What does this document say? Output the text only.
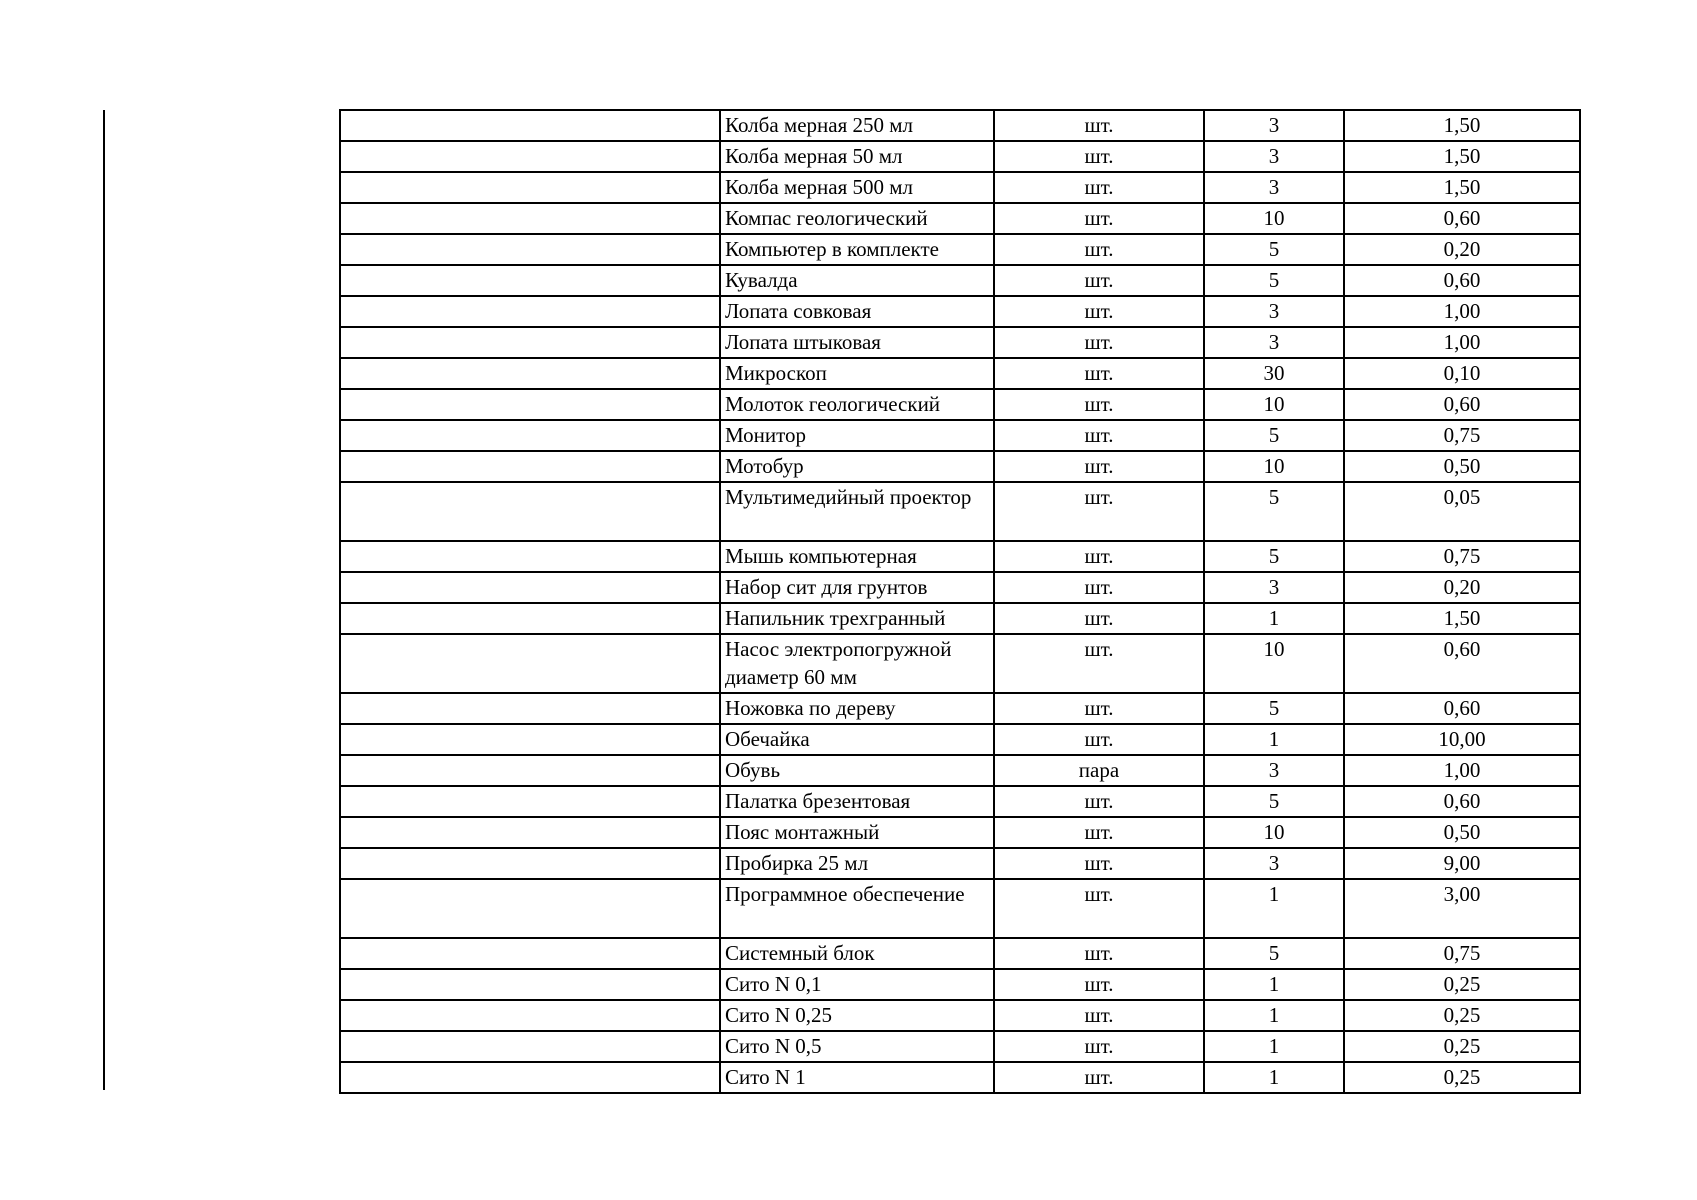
	Колба мерная 250 мл	шт.	3	1,50
	Колба мерная 50 мл	шт.	3	1,50
	Колба мерная 500 мл	шт.	3	1,50
	Компас геологический	шт.	10	0,60
	Компьютер в комплекте	шт.	5	0,20
	Кувалда	шт.	5	0,60
	Лопата совковая	шт.	3	1,00
	Лопата штыковая	шт.	3	1,00
	Микроскоп	шт.	30	0,10
	Молоток геологический	шт.	10	0,60
	Монитор	шт.	5	0,75
	Мотобур	шт.	10	0,50
	Мультимедийный проектор	шт.	5	0,05
	Мышь компьютерная	шт.	5	0,75
	Набор сит для грунтов	шт.	3	0,20
	Напильник трехгранный	шт.	1	1,50
	Насос электропогружной диаметр 60 мм	шт.	10	0,60
	Ножовка по дереву	шт.	5	0,60
	Обечайка	шт.	1	10,00
	Обувь	пара	3	1,00
	Палатка брезентовая	шт.	5	0,60
	Пояс монтажный	шт.	10	0,50
	Пробирка 25 мл	шт.	3	9,00
	Программное обеспечение	шт.	1	3,00
	Системный блок	шт.	5	0,75
	Сито N 0,1	шт.	1	0,25
	Сито N 0,25	шт.	1	0,25
	Сито N 0,5	шт.	1	0,25
	Сито N 1	шт.	1	0,25
